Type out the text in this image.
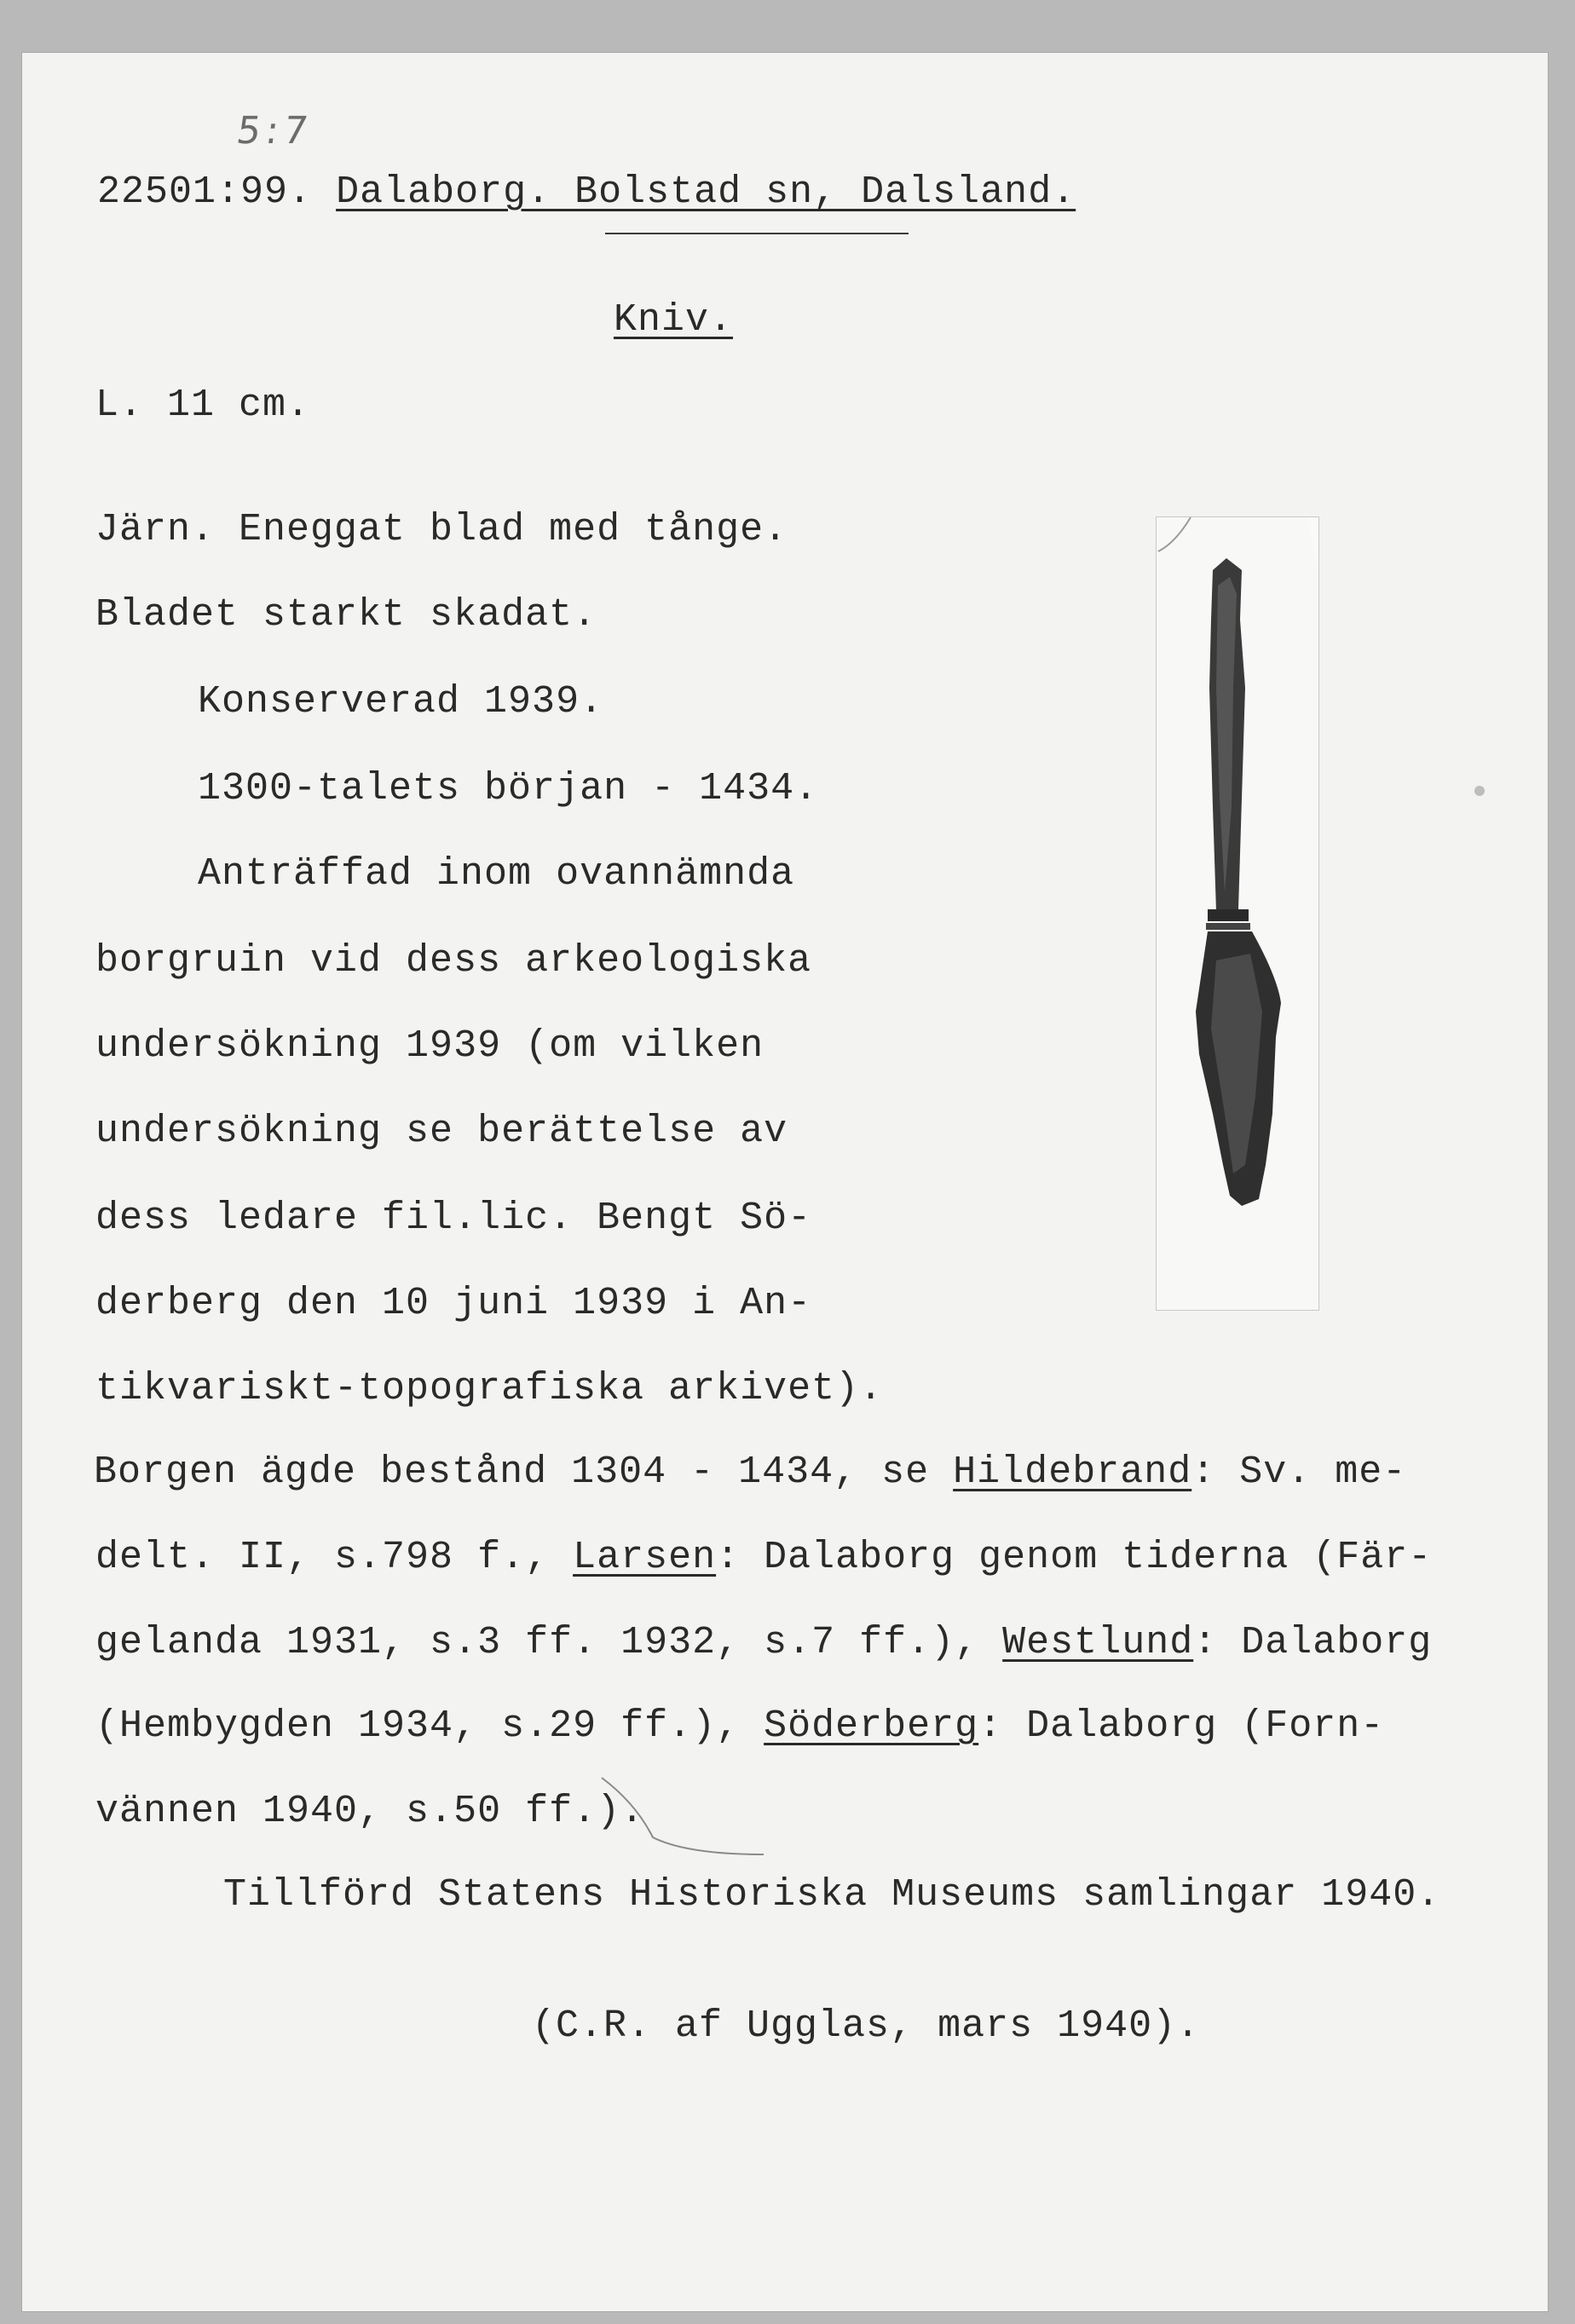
5:7
22501:99. Dalaborg. Bolstad sn, Dalsland.
Kniv.
L. 11 cm.
Järn. Eneggat blad med tånge.
Bladet starkt skadat.
Konserverad 1939.
1300-talets början - 1434.
Anträffad inom ovannämnda
borgruin vid dess arkeologiska
undersökning 1939 (om vilken
undersökning se berättelse av
dess ledare fil.lic. Bengt Sö-
derberg den 10 juni 1939 i An-
tikvariskt-topografiska arkivet).
Borgen ägde bestånd 1304 - 1434, se Hildebrand: Sv. me-
delt. II, s.798 f., Larsen: Dalaborg genom tiderna (Fär-
gelanda 1931, s.3 ff. 1932, s.7 ff.), Westlund: Dalaborg
(Hembygden 1934, s.29 ff.), Söderberg: Dalaborg (Forn-
vännen 1940, s.50 ff.).
Tillförd Statens Historiska Museums samlingar 1940.
(C.R. af Ugglas, mars 1940).
